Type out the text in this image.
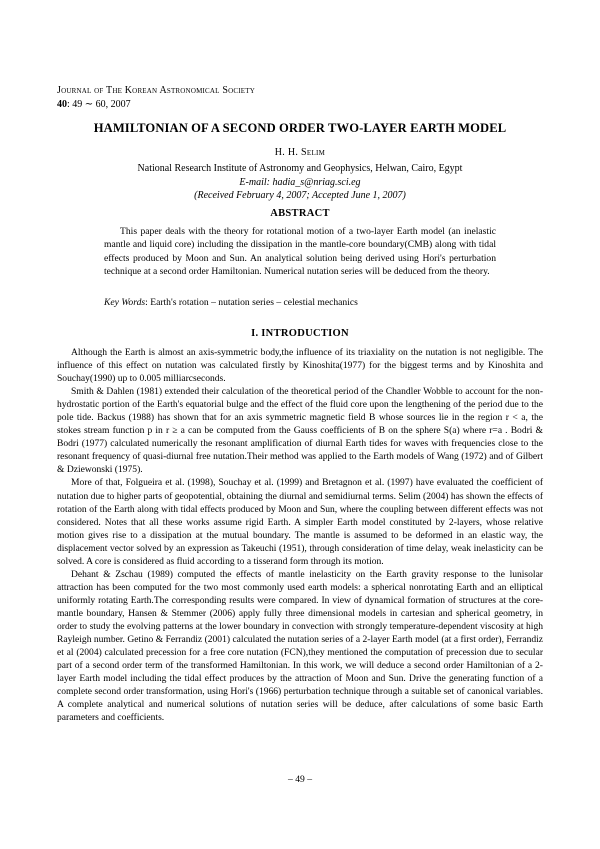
Journal of The Korean Astronomical Society
40: 49 ∼ 60, 2007
HAMILTONIAN OF A SECOND ORDER TWO-LAYER EARTH MODEL
H. H. Selim
National Research Institute of Astronomy and Geophysics, Helwan, Cairo, Egypt
E-mail: hadia_s@nriag.sci.eg
(Received February 4, 2007; Accepted June 1, 2007)
ABSTRACT

This paper deals with the theory for rotational motion of a two-layer Earth model (an inelastic mantle and liquid core) including the dissipation in the mantle-core boundary(CMB) along with tidal effects produced by Moon and Sun. An analytical solution being derived using Hori's perturbation technique at a second order Hamiltonian. Numerical nutation series will be deduced from the theory.

Key Words: Earth's rotation – nutation series – celestial mechanics
I. INTRODUCTION

Although the Earth is almost an axis-symmetric body,the influence of its triaxiality on the nutation is not negligible. The influence of this effect on nutation was calculated firstly by Kinoshita(1977) for the biggest terms and by Kinoshita and Souchay(1990) up to 0.005 milliarcseconds.

Smith & Dahlen (1981) extended their calculation of the theoretical period of the Chandler Wobble to account for the non-hydrostatic portion of the Earth's equatorial bulge and the effect of the fluid core upon the lengthening of the period due to the pole tide. Backus (1988) has shown that for an axis symmetric magnetic field B whose sources lie in the region r < a, the stokes stream function p in r ≥ a can be computed from the Gauss coefficients of B on the sphere S(a) where r=a . Bodri & Bodri (1977) calculated numerically the resonant amplification of diurnal Earth tides for waves with frequencies close to the resonant frequency of quasi-diurnal free nutation.Their method was applied to the Earth models of Wang (1972) and of Gilbert & Dziewonski (1975).

More of that, Folgueira et al. (1998), Souchay et al. (1999) and Bretagnon et al. (1997) have evaluated the coefficient of nutation due to higher parts of geopotential, obtaining the diurnal and semidiurnal terms. Selim (2004) has shown the effects of rotation of the Earth along with tidal effects produced by Moon and Sun, where the coupling between different effects was not considered. Notes that all these works assume rigid Earth. A simpler Earth model constituted by 2-layers, whose relative motion gives rise to a dissipation at the mutual boundary. The mantle is assumed to be deformed in an elastic way, the displacement vector solved by an expression as Takeuchi (1951), through consideration of time delay, weak inelasticity can be solved. A core is considered as fluid according to a tisserand form through its motion.

Dehant & Zschau (1989) computed the effects of mantle inelasticity on the Earth gravity response to the lunisolar attraction has been computed for the two most commonly used earth models: a spherical nonrotating Earth and an elliptical uniformly rotating Earth.The corresponding results were compared. In view of dynamical formation of structures at the core-mantle boundary, Hansen & Stemmer (2006) apply fully three dimensional models in cartesian and spherical geometry, in order to study the evolving patterns at the lower boundary in convection with strongly temperature-dependent viscosity at high Rayleigh number. Getino & Ferrandiz (2001) calculated the nutation series of a 2-layer Earth model (at a first order), Ferrandiz et al (2004) calculated precession for a free core nutation (FCN),they mentioned the computation of precession due to secular part of a second order term of the transformed Hamiltonian. In this work, we will deduce a second order Hamiltonian of a 2-layer Earth model including the tidal effect produces by the attraction of Moon and Sun. Drive the generating function of a complete second order transformation, using Hori's (1966) perturbation technique through a suitable set of canonical variables. A complete analytical and numerical solutions of nutation series will be deduce, after calculations of some basic Earth parameters and coefficients.

– 49 –
